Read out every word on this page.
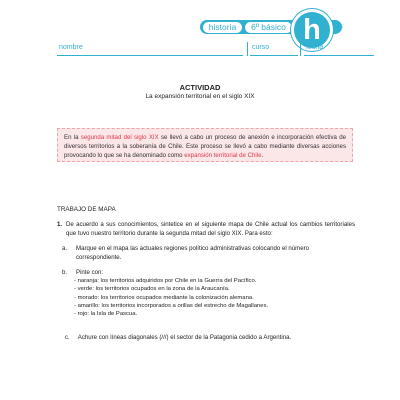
historia	6º básico h
nombre	curso	fecha
ACTIVIDAD
La expansión territorial en el siglo XIX
En la segunda mitad del siglo XIX se llevó a cabo un proceso de anexión e incorporación efectiva de diversos territorios a la soberanía de Chile. Este proceso se llevó a cabo mediante diversas acciones provocando lo que se ha denominado como expansión territorial de Chile.
TRABAJO DE MAPA
1. De acuerdo a sus conocimientos, sintetice en el siguiente mapa de Chile actual los cambios territoriales que tuvo nuestro territorio durante la segunda mitad del siglo XIX. Para esto:
a. Marque en el mapa las actuales regiones político administrativas colocando el número correspondiente.
b. Pinte con:
- naranja: los territorios adquiridos por Chile en la Guerra del Pacífico.
- verde: los territorios ocupados en la zona de la Araucanía.
- morado: los territorios ocupados mediante la colonización alemana.
- amarillo: los territorios incorporados a orillas del estrecho de Magallanes.
- rojo: la Isla de Pascua.
c. Achure con líneas diagonales (///) el sector de la Patagonia cedido a Argentina.
